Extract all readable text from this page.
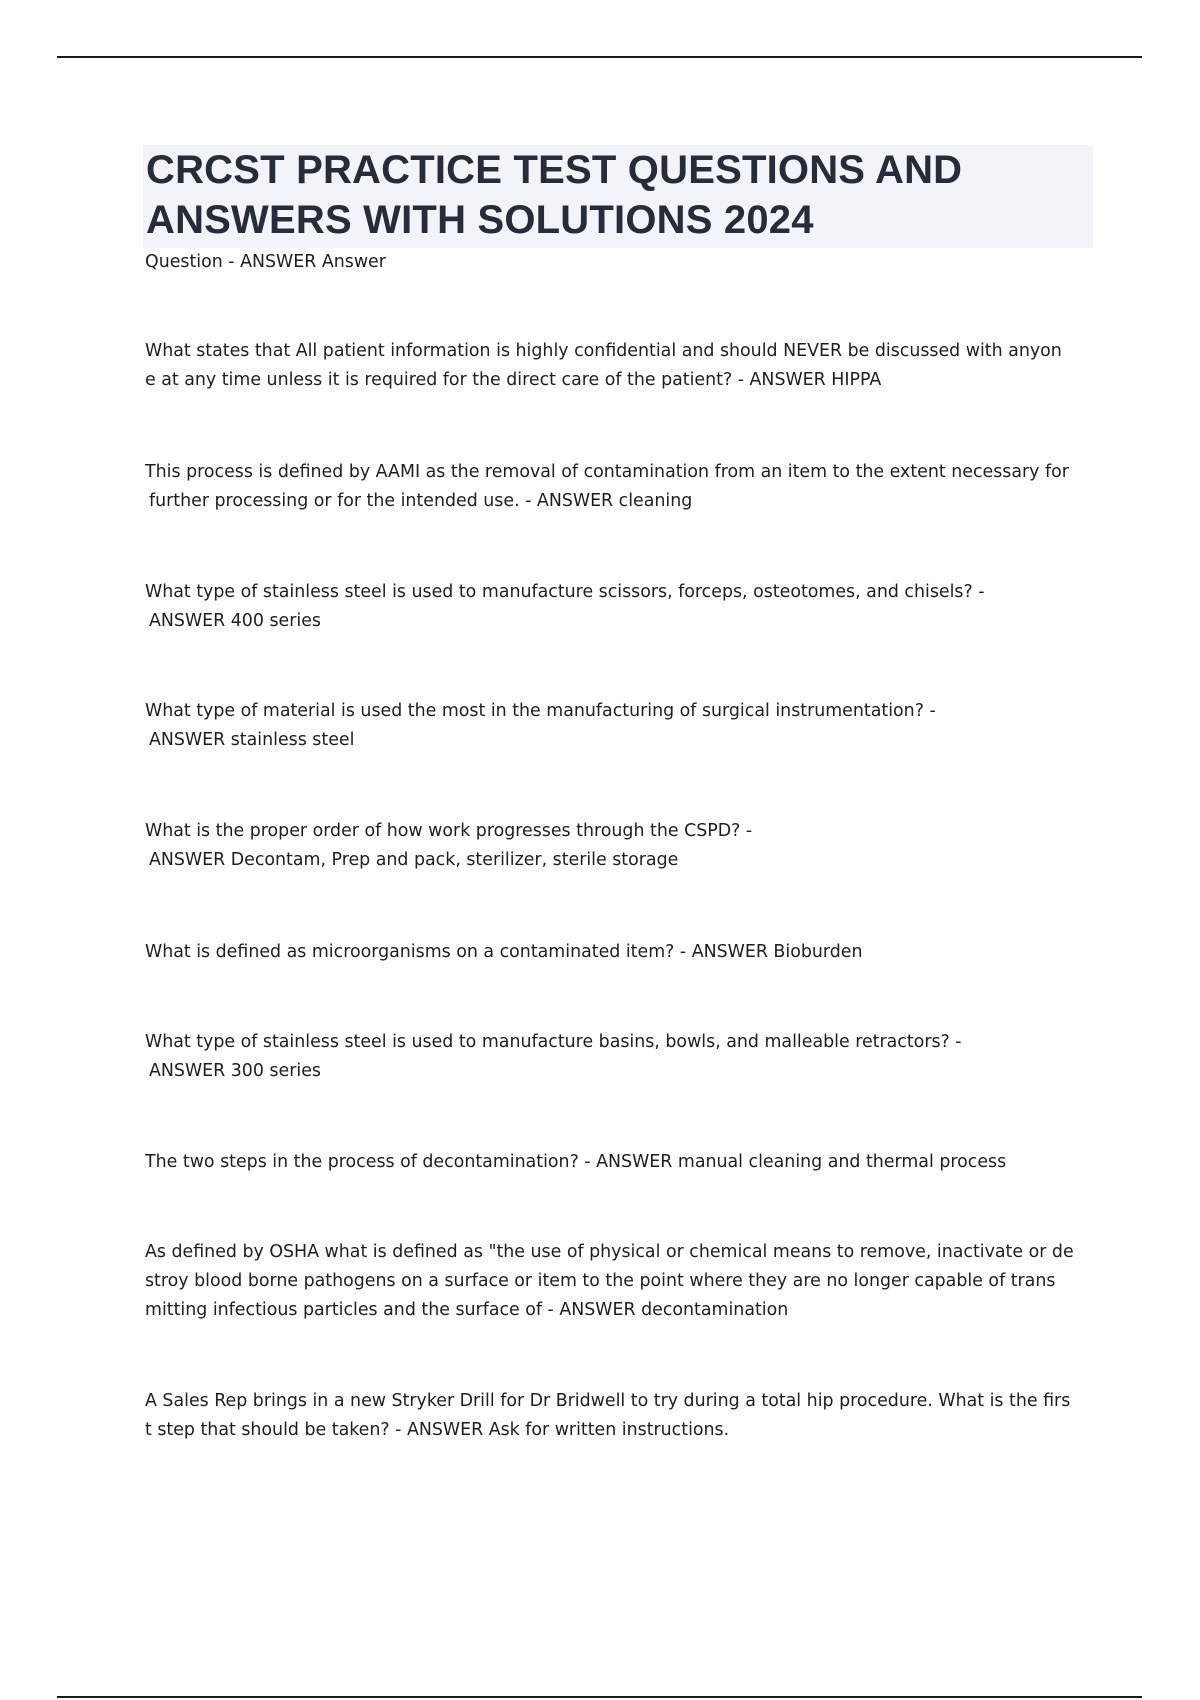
CRCST PRACTICE TEST QUESTIONS AND
ANSWERS WITH SOLUTIONS 2024

Question - ANSWER Answer

What states that All patient information is highly confidential and should NEVER be discussed with anyon
e at any time unless it is required for the direct care of the patient? - ANSWER HIPPA

This process is defined by AAMI as the removal of contamination from an item to the extent necessary for
further processing or for the intended use. - ANSWER cleaning

What type of stainless steel is used to manufacture scissors, forceps, osteotomes, and chisels? -
ANSWER 400 series

What type of material is used the most in the manufacturing of surgical instrumentation? -
ANSWER stainless steel

What is the proper order of how work progresses through the CSPD? -
ANSWER Decontam, Prep and pack, sterilizer, sterile storage

What is defined as microorganisms on a contaminated item? - ANSWER Bioburden

What type of stainless steel is used to manufacture basins, bowls, and malleable retractors? -
ANSWER 300 series

The two steps in the process of decontamination? - ANSWER manual cleaning and thermal process

As defined by OSHA what is defined as "the use of physical or chemical means to remove, inactivate or de
stroy blood borne pathogens on a surface or item to the point where they are no longer capable of trans
mitting infectious particles and the surface of - ANSWER decontamination

A Sales Rep brings in a new Stryker Drill for Dr Bridwell to try during a total hip procedure. What is the firs
t step that should be taken? - ANSWER Ask for written instructions.
